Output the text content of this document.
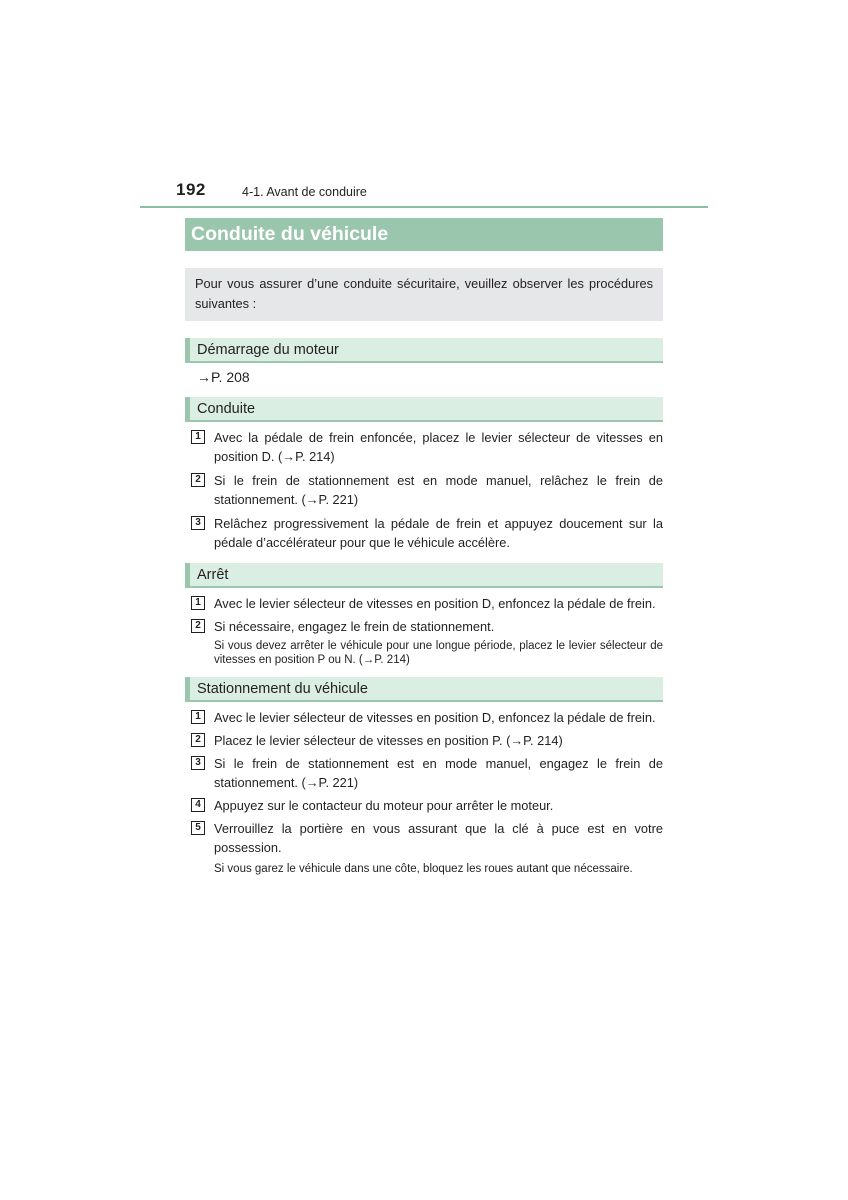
192	4-1. Avant de conduire
Conduite du véhicule
Pour vous assurer d’une conduite sécuritaire, veuillez observer les procédures suivantes :
Démarrage du moteur
→P. 208
Conduite
1	Avec la pédale de frein enfoncée, placez le levier sélecteur de vitesses en position D. (→P. 214)
2	Si le frein de stationnement est en mode manuel, relâchez le frein de stationnement. (→P. 221)
3	Relâchez progressivement la pédale de frein et appuyez doucement sur la pédale d’accélérateur pour que le véhicule accélère.
Arrêt
1	Avec le levier sélecteur de vitesses en position D, enfoncez la pédale de frein.
2	Si nécessaire, engagez le frein de stationnement.
Si vous devez arrêter le véhicule pour une longue période, placez le levier sélecteur de vitesses en position P ou N. (→P. 214)
Stationnement du véhicule
1	Avec le levier sélecteur de vitesses en position D, enfoncez la pédale de frein.
2	Placez le levier sélecteur de vitesses en position P. (→P. 214)
3	Si le frein de stationnement est en mode manuel, engagez le frein de stationnement. (→P. 221)
4	Appuyez sur le contacteur du moteur pour arrêter le moteur.
5	Verrouillez la portière en vous assurant que la clé à puce est en votre possession.
Si vous garez le véhicule dans une côte, bloquez les roues autant que nécessaire.
